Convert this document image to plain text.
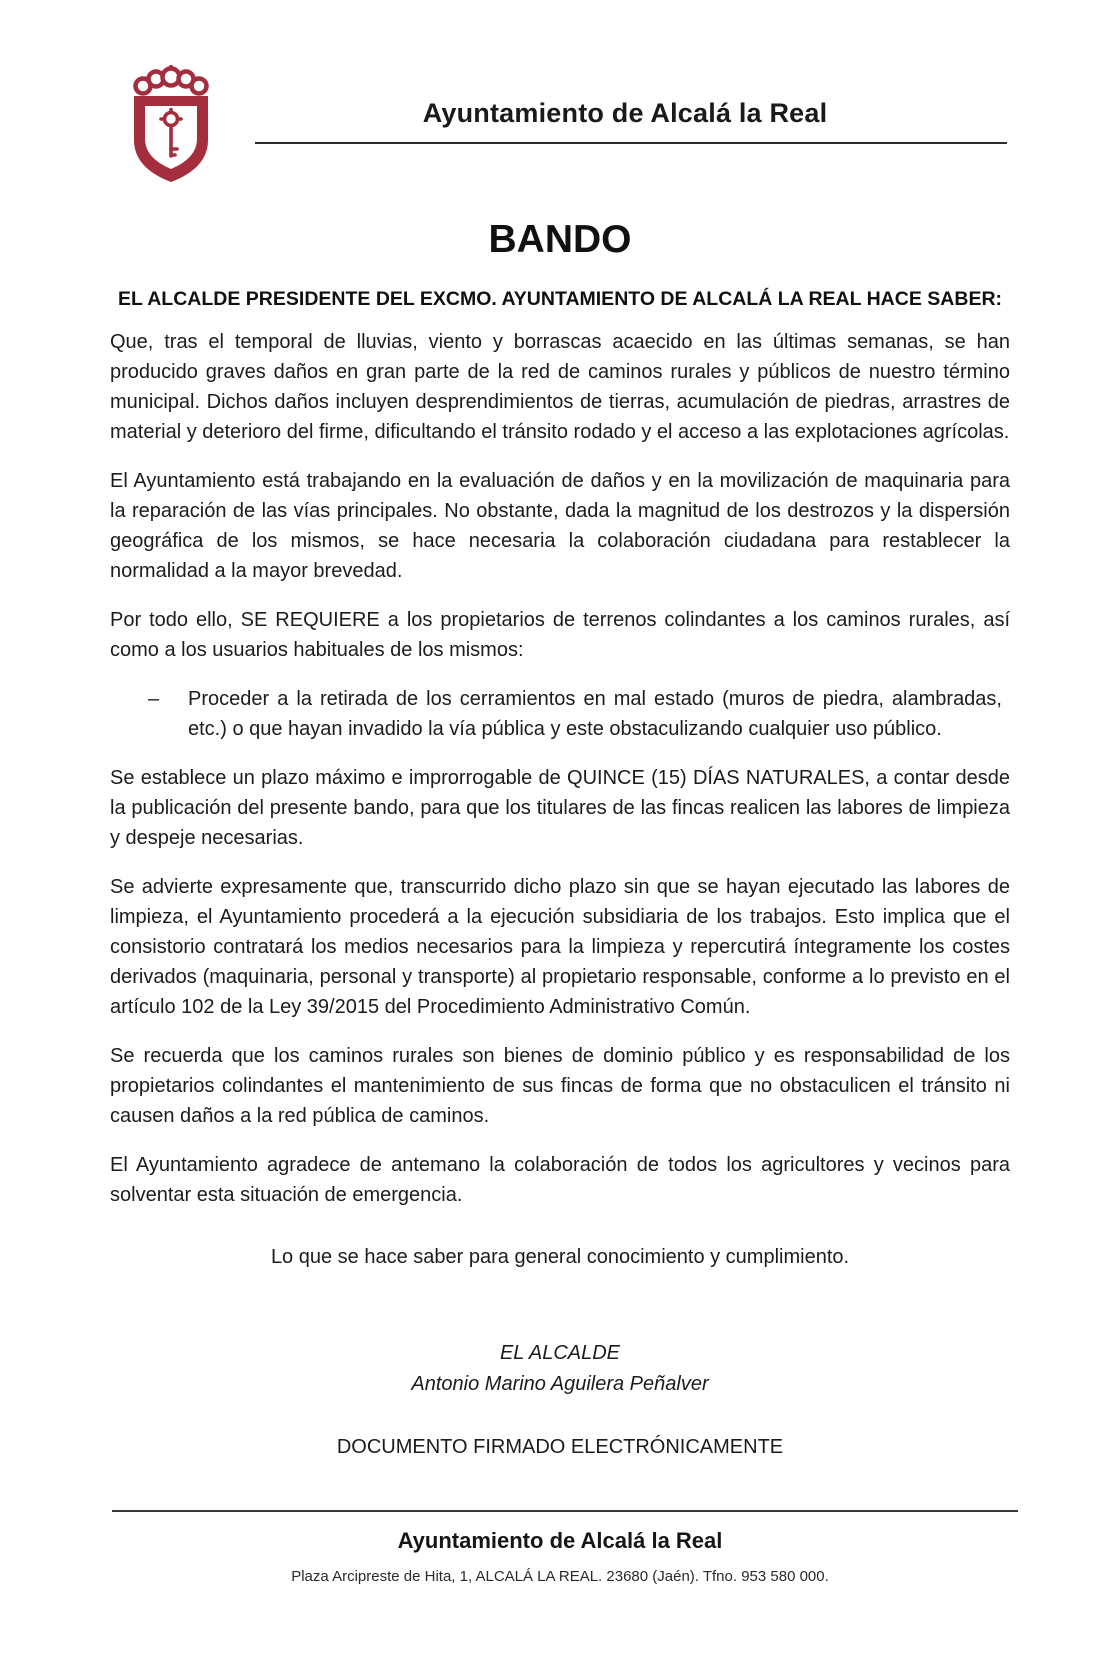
Ayuntamiento de Alcalá la Real
BANDO
EL ALCALDE PRESIDENTE DEL EXCMO. AYUNTAMIENTO DE ALCALÁ LA REAL HACE SABER:

Que, tras el temporal de lluvias, viento y borrascas acaecido en las últimas semanas, se han producido graves daños en gran parte de la red de caminos rurales y públicos de nuestro término municipal. Dichos daños incluyen desprendimientos de tierras, acumulación de piedras, arrastres de material y deterioro del firme, dificultando el tránsito rodado y el acceso a las explotaciones agrícolas.

El Ayuntamiento está trabajando en la evaluación de daños y en la movilización de maquinaria para la reparación de las vías principales. No obstante, dada la magnitud de los destrozos y la dispersión geográfica de los mismos, se hace necesaria la colaboración ciudadana para restablecer la normalidad a la mayor brevedad.

Por todo ello, SE REQUIERE a los propietarios de terrenos colindantes a los caminos rurales, así como a los usuarios habituales de los mismos:

–	Proceder a la retirada de los cerramientos en mal estado (muros de piedra, alambradas, etc.) o que hayan invadido la vía pública y este obstaculizando cualquier uso público.

Se establece un plazo máximo e improrrogable de QUINCE (15) DÍAS NATURALES, a contar desde la publicación del presente bando, para que los titulares de las fincas realicen las labores de limpieza y despeje necesarias.

Se advierte expresamente que, transcurrido dicho plazo sin que se hayan ejecutado las labores de limpieza, el Ayuntamiento procederá a la ejecución subsidiaria de los trabajos. Esto implica que el consistorio contratará los medios necesarios para la limpieza y repercutirá íntegramente los costes derivados (maquinaria, personal y transporte) al propietario responsable, conforme a lo previsto en el artículo 102 de la Ley 39/2015 del Procedimiento Administrativo Común.

Se recuerda que los caminos rurales son bienes de dominio público y es responsabilidad de los propietarios colindantes el mantenimiento de sus fincas de forma que no obstaculicen el tránsito ni causen daños a la red pública de caminos.

El Ayuntamiento agradece de antemano la colaboración de todos los agricultores y vecinos para solventar esta situación de emergencia.

Lo que se hace saber para general conocimiento y cumplimiento.

EL ALCALDE
Antonio Marino Aguilera Peñalver
DOCUMENTO FIRMADO ELECTRÓNICAMENTE
Ayuntamiento de Alcalá la Real
Plaza Arcipreste de Hita, 1, ALCALÁ LA REAL. 23680 (Jaén). Tfno. 953 580 000.
